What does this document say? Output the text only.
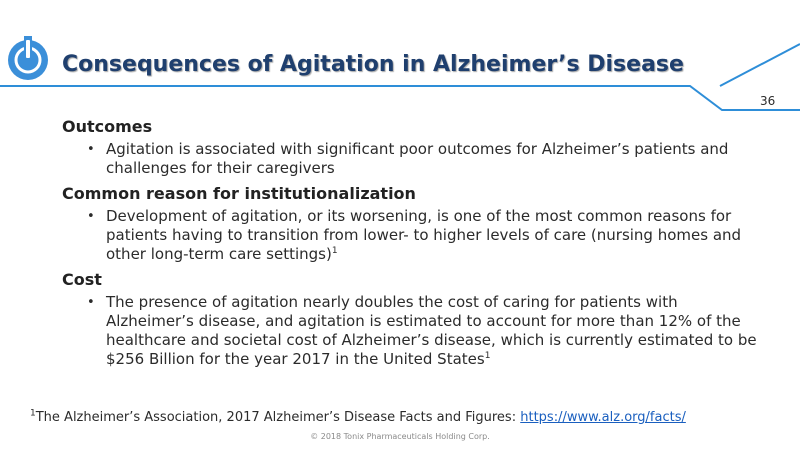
Consequences of Agitation in Alzheimer’s Disease
36

Outcomes

• Agitation is associated with significant poor outcomes for Alzheimer’s patients and challenges for their caregivers

Common reason for institutionalization

• Development of agitation, or its worsening, is one of the most common reasons for patients having to transition from lower- to higher levels of care (nursing homes and other long-term care settings)$^1$

Cost

• The presence of agitation nearly doubles the cost of caring for patients with Alzheimer’s disease, and agitation is estimated to account for more than 12% of the healthcare and societal cost of Alzheimer’s disease, which is currently estimated to be $256 Billion for the year 2017 in the United States$^1$

$^1$The Alzheimer’s Association, 2017 Alzheimer’s Disease Facts and Figures: https://www.alz.org/facts/
© 2018 Tonix Pharmaceuticals Holding Corp.
